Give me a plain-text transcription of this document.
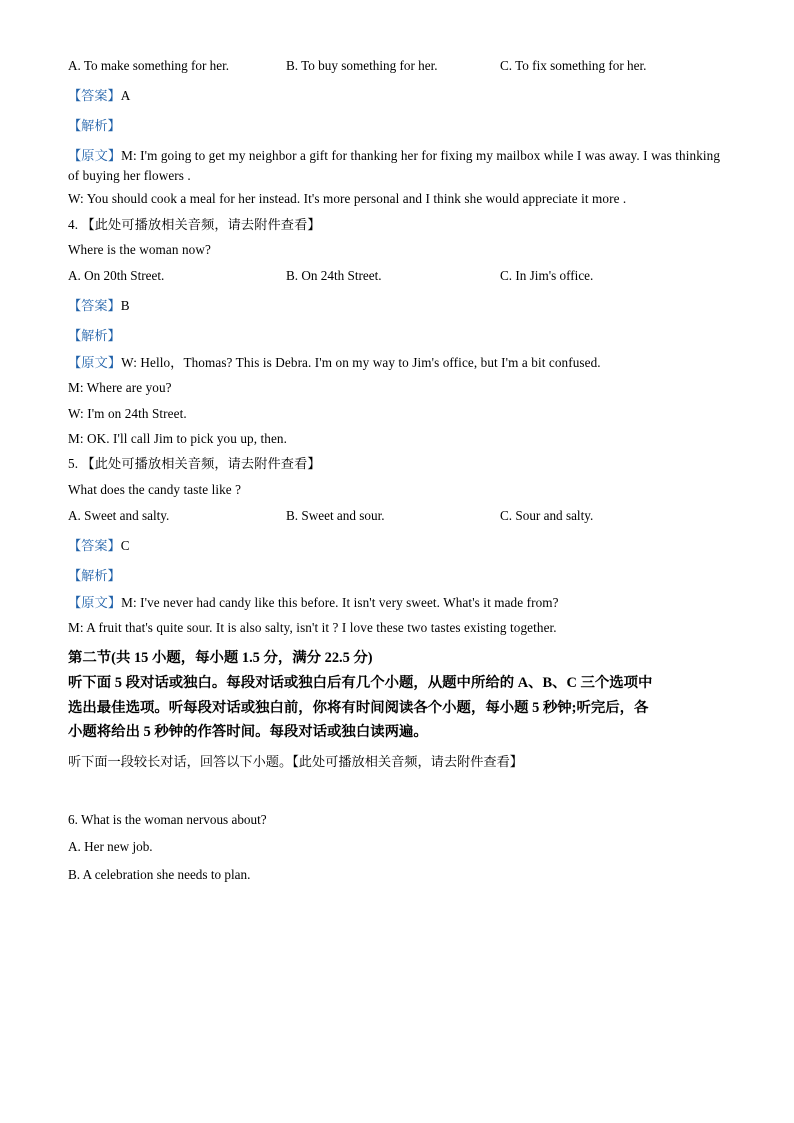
A. To make something for her.	B. To buy something for her.	C. To fix something for her.
【答案】A
【解析】
【原文】M: I'm going to get my neighbor a gift for thanking her for fixing my mailbox while I was away. I was thinking of buying her flowers .
W: You should cook a meal for her instead. It's more personal and I think she would appreciate it more .
4. 【此处可播放相关音频，请去附件查看】
Where is the woman now?
A. On 20th Street.	B. On 24th Street.	C. In Jim's office.
【答案】B
【解析】
【原文】W: Hello，Thomas? This is Debra. I'm on my way to Jim's office, but I'm a bit confused.
M: Where are you?
W: I'm on 24th Street.
M: OK. I'll call Jim to pick you up, then.
5. 【此处可播放相关音频，请去附件查看】
What does the candy taste like ?
A. Sweet and salty.	B. Sweet and sour.	C. Sour and salty.
【答案】C
【解析】
【原文】M: I've never had candy like this before. It isn't very sweet. What's it made from?
M: A fruit that's quite sour. It is also salty, isn't it ? I love these two tastes existing together.
第二节(共 15 小题，每小题 1.5 分，满分 22.5 分)
听下面 5 段对话或独白。每段对话或独白后有几个小题，从题中所给的 A、B、C 三个选项中
选出最佳选项。听每段对话或独白前，你将有时间阅读各个小题，每小题 5 秒钟;听完后，各
小题将给出 5 秒钟的作答时间。每段对话或独白读两遍。
听下面一段较长对话，回答以下小题。【此处可播放相关音频，请去附件查看】
6. What is the woman nervous about?
A. Her new job.
B. A celebration she needs to plan.
